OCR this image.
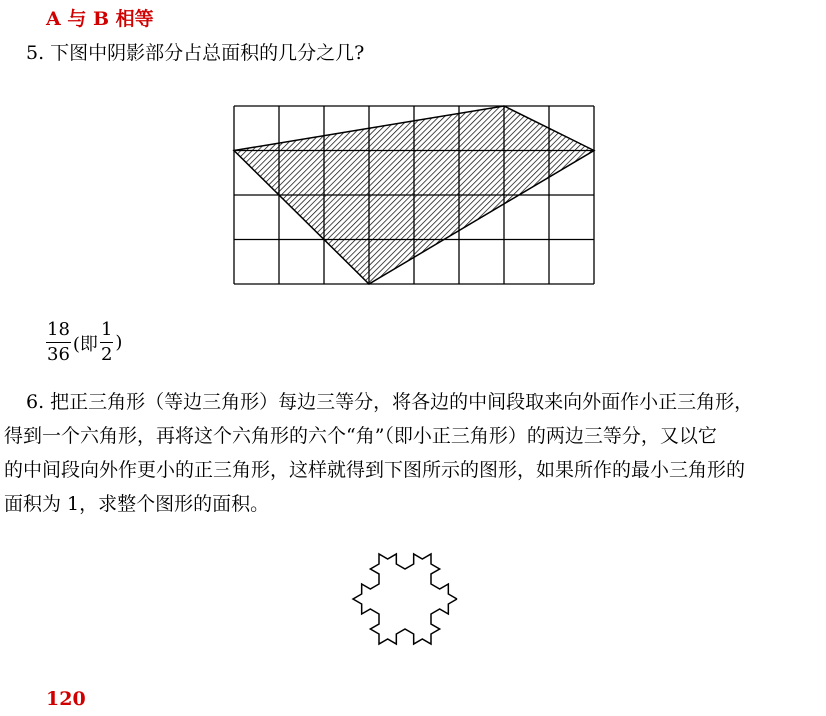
A 与 B 相等
5. 下图中阴影部分占总面积的几分之几?
$\frac{18}{36}$ (即 $\frac{1}{2}$ )
6. 把正三角形（等边三角形）每边三等分，将各边的中间段取来向外面作小正三角形，
得到一个六角形，再将这个六角形的六个“角”（即小正三角形）的两边三等分，又以它
的中间段向外作更小的正三角形，这样就得到下图所示的图形，如果所作的最小三角形的
面积为 1，求整个图形的面积。
120
